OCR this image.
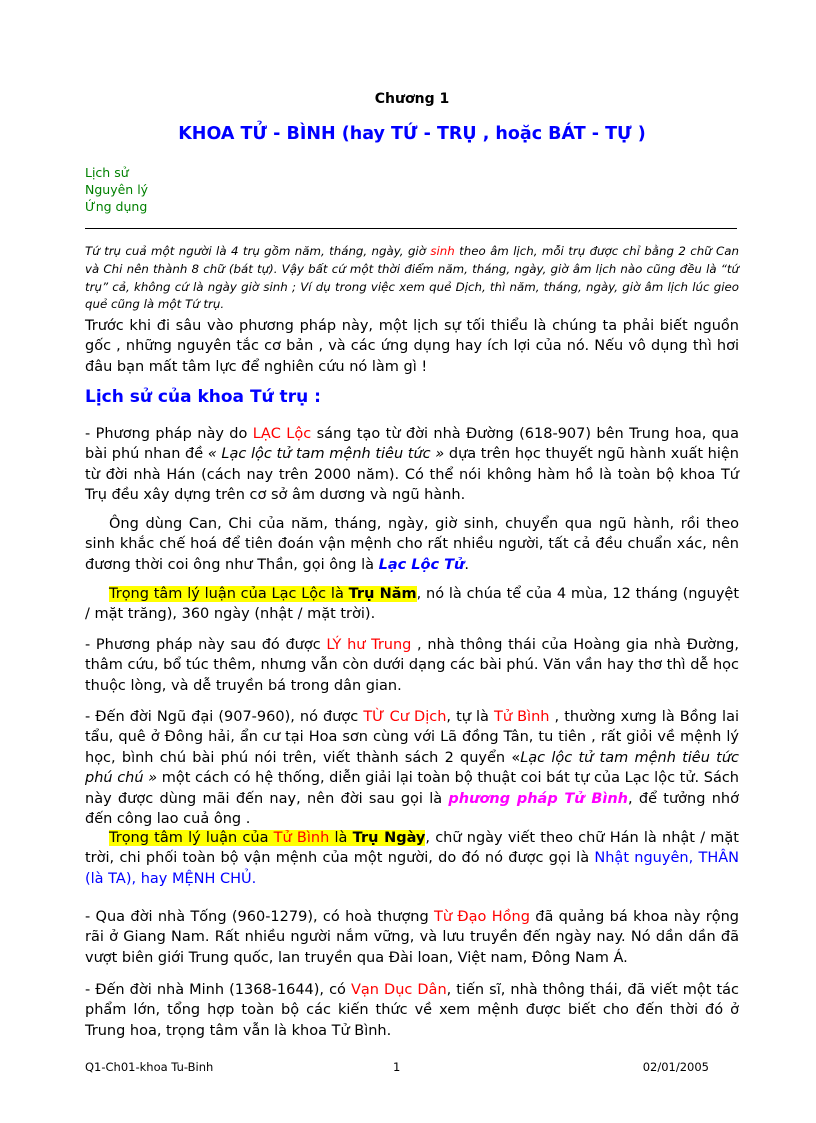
Chương 1
KHOA TỬ - BÌNH (hay TỨ - TRỤ , hoặc BÁT - TỰ )
Lịch sử
Nguyên lý
Ứng dụng
Tứ trụ cuả một người là 4 trụ gồm năm, tháng, ngày, giờ sinh theo âm lịch, mỗi trụ được chỉ bằng 2 chữ Can và Chi nên thành 8 chữ (bát tự). Vậy bất cứ một thời điểm năm, tháng, ngày, giờ âm lịch nào cũng đều là “tứ trụ” cả, không cứ là ngày giờ sinh ; Ví dụ trong việc xem quẻ Dịch, thì năm, tháng, ngày, giờ âm lịch lúc gieo quẻ cũng là một Tứ trụ.
Trước khi đi sâu vào phương pháp này, một lịch sự tối thiểu là chúng ta phải biết nguồn gốc , những nguyên tắc cơ bản , và các ứng dụng hay ích lợi của nó. Nếu vô dụng thì hơi đâu bạn mất tâm lực để nghiên cứu nó làm gì !
Lịch sử của khoa Tứ trụ :
- Phương pháp này do LẠC Lộc sáng tạo từ đời nhà Đường (618-907) bên Trung hoa, qua bài phú nhan đề « Lạc lộc tử tam mệnh tiêu tức » dựa trên học thuyết ngũ hành xuất hiện từ đời nhà Hán (cách nay trên 2000 năm). Có thể nói không hàm hồ là toàn bộ khoa Tứ Trụ đều xây dựng trên cơ sở âm dương và ngũ hành.
Ông dùng Can, Chi của năm, tháng, ngày, giờ sinh, chuyển qua ngũ hành, rồi theo sinh khắc chế hoá để tiên đoán vận mệnh cho rất nhiều người, tất cả đều chuẩn xác, nên đương thời coi ông như Thần, gọi ông là Lạc Lộc Tử.
Trọng tâm lý luận của Lạc Lộc là Trụ Năm, nó là chúa tể của 4 mùa, 12 tháng (nguyệt / mặt trăng), 360 ngày (nhật / mặt trời).
- Phương pháp này sau đó được LÝ hư Trung , nhà thông thái của Hoàng gia nhà Đường, thâm cứu, bổ túc thêm, nhưng vẫn còn dưới dạng các bài phú. Văn vần hay thơ thì dễ học thuộc lòng, và dễ truyền bá trong dân gian.
- Đến đời Ngũ đại (907-960), nó được TỪ Cư Dịch, tự là Tử Bình , thường xưng là Bồng lai tẩu, quê ở Đông hải, ẩn cư tại Hoa sơn cùng với Lã đồng Tân, tu tiên , rất giỏi về mệnh lý học, bình chú bài phú nói trên, viết thành sách 2 quyển «Lạc lộc tử tam mệnh tiêu tức phú chú » một cách có hệ thống, diễn giải lại toàn bộ thuật coi bát tự của Lạc lộc tử. Sách này được dùng mãi đến nay, nên đời sau gọi là phương pháp Tử Bình, để tưởng nhớ đến công lao cuả ông .
Trọng tâm lý luận của Tử Bình là Trụ Ngày, chữ ngày viết theo chữ Hán là nhật / mặt trời, chi phối toàn bộ vận mệnh của một người, do đó nó được gọi là Nhật nguyên, THÂN (là TA), hay MỆNH CHỦ.
- Qua đời nhà Tống (960-1279), có hoà thượng Từ Đạo Hồng đã quảng bá khoa này rộng rãi ở Giang Nam. Rất nhiều người nắm vững, và lưu truyền đến ngày nay. Nó dần dần đã vượt biên giới Trung quốc, lan truyền qua Đài loan, Việt nam, Đông Nam Á.
- Đến đời nhà Minh (1368-1644), có Vạn Dục Dân, tiến sĩ, nhà thông thái, đã viết một tác phẩm lớn, tổng hợp toàn bộ các kiến thức về xem mệnh được biết cho đến thời đó ở Trung hoa, trọng tâm vẫn là khoa Tử Bình.
Q1-Ch01-khoa Tu-Binh	1	02/01/2005
